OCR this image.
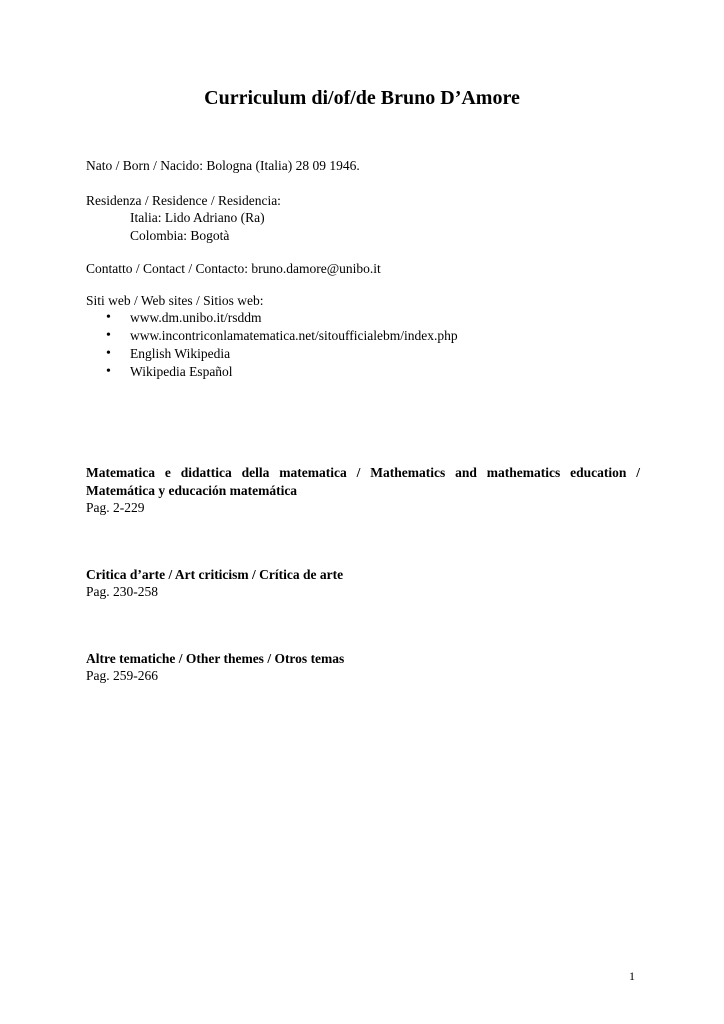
Curriculum di/of/de Bruno D’Amore
Nato / Born / Nacido: Bologna (Italia) 28 09 1946.
Residenza / Residence / Residencia:
Italia: Lido Adriano (Ra)
Colombia: Bogotà
Contatto / Contact / Contacto: bruno.damore@unibo.it
Siti web / Web sites / Sitios web:
• www.dm.unibo.it/rsddm
• www.incontriconlamatematica.net/sitoufficialebm/index.php
• English Wikipedia
• Wikipedia Español
Matematica e didattica della matematica / Mathematics and mathematics education / Matemática y educación matemática
Pag. 2-229
Critica d’arte / Art criticism / Crítica de arte
Pag. 230-258
Altre tematiche / Other themes / Otros temas
Pag. 259-266
1
